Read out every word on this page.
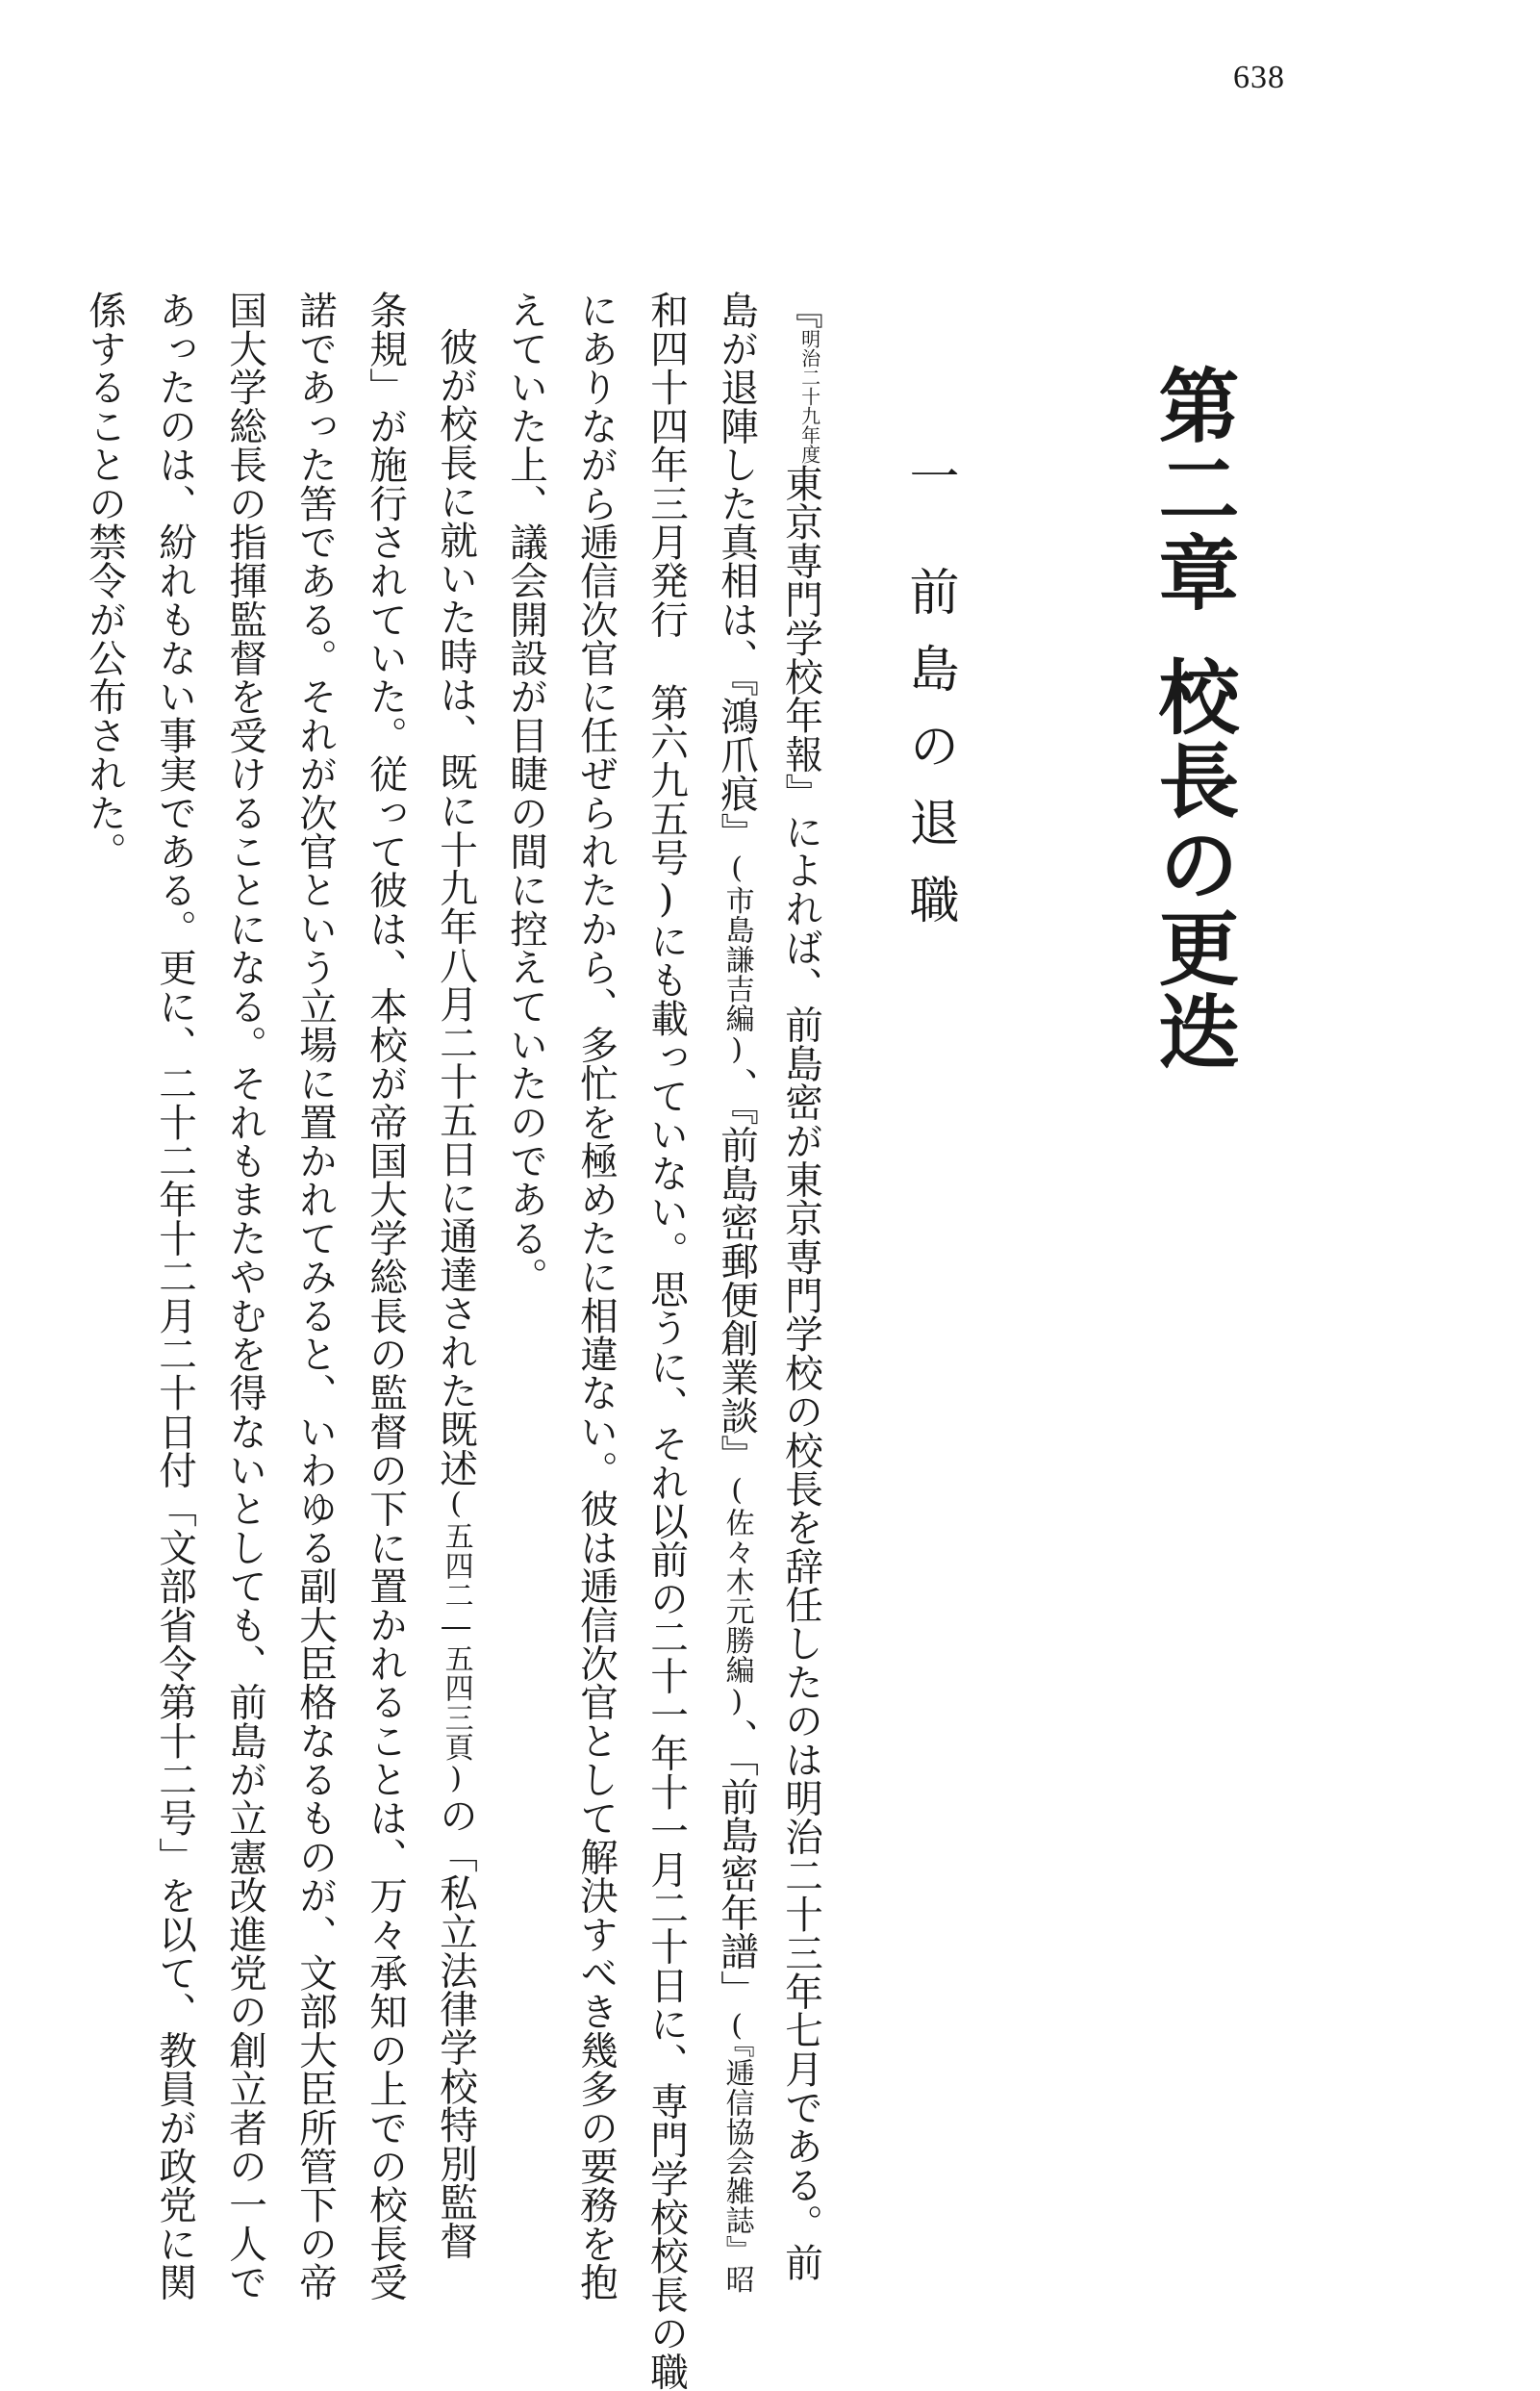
638
第二章校長の更迭
一前島の退職
『明治二十九年度東京専門学校年報』によれば、前島密が東京専門学校の校長を辞任したのは明治二十三年七月である。前
島が退陣した真相は、『鴻爪痕』(市島謙吉編)、『前島密郵便創業談』(佐々木元勝編)、「前島密年譜」(『逓信協会雑誌』昭
和四十四年三月発行 第六九五号)にも載っていない。思うに、それ以前の二十一年十一月二十日に、専門学校校長の職
にありながら逓信次官に任ぜられたから、多忙を極めたに相違ない。彼は逓信次官として解決すべき幾多の要務を抱
えていた上、議会開設が目睫の間に控えていたのである。
彼が校長に就いた時は、既に十九年八月二十五日に通達された既述(五四二―五四三頁)の「私立法律学校特別監督
条規」が施行されていた。従って彼は、本校が帝国大学総長の監督の下に置かれることは、万々承知の上での校長受
諾であった筈である。それが次官という立場に置かれてみると、いわゆる副大臣格なるものが、文部大臣所管下の帝
国大学総長の指揮監督を受けることになる。それもまたやむを得ないとしても、前島が立憲改進党の創立者の一人で
あったのは、紛れもない事実である。更に、二十二年十二月二十日付「文部省令第十二号」を以て、教員が政党に関
係することの禁令が公布された。
